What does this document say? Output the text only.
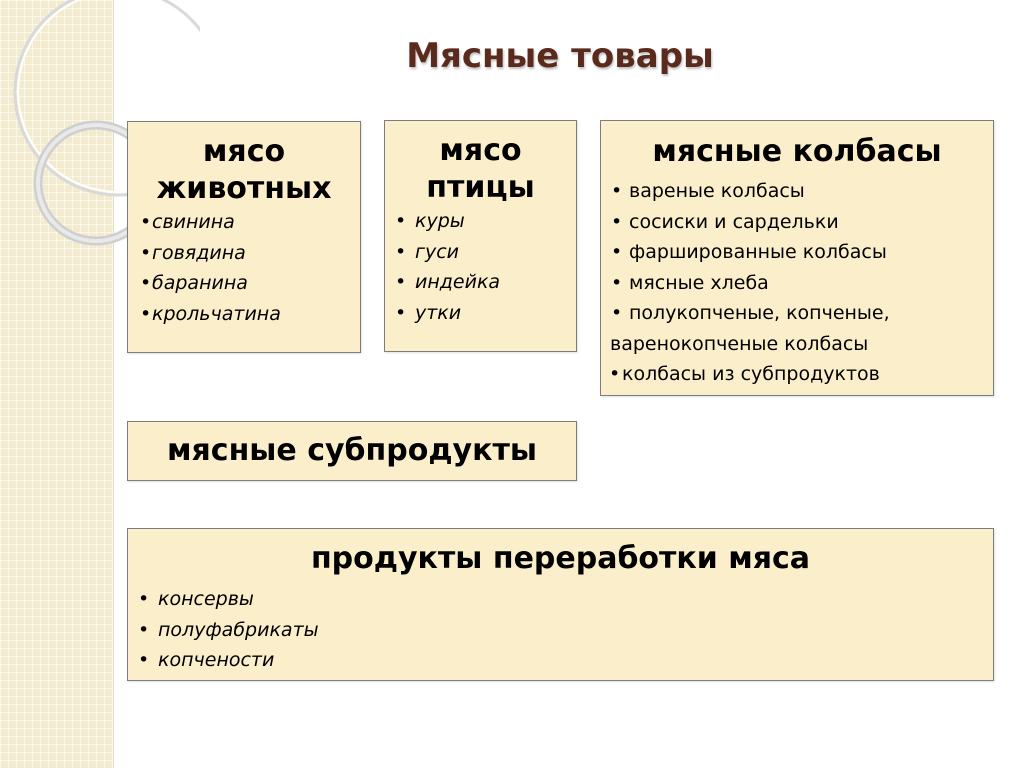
Мясные товары
мясо
животных
• свинина
• говядина
• баранина
• крольчатина
мясо
птицы
• куры
• гуси
• индейка
• утки
мясные колбасы
• вареные колбасы
• сосиски и сардельки
• фаршированные колбасы
• мясные хлеба
• полукопченые, копченые,
варенокопченые колбасы
• колбасы из субпродуктов
мясные субпродукты
продукты переработки мяса
• консервы
• полуфабрикаты
• копчености
